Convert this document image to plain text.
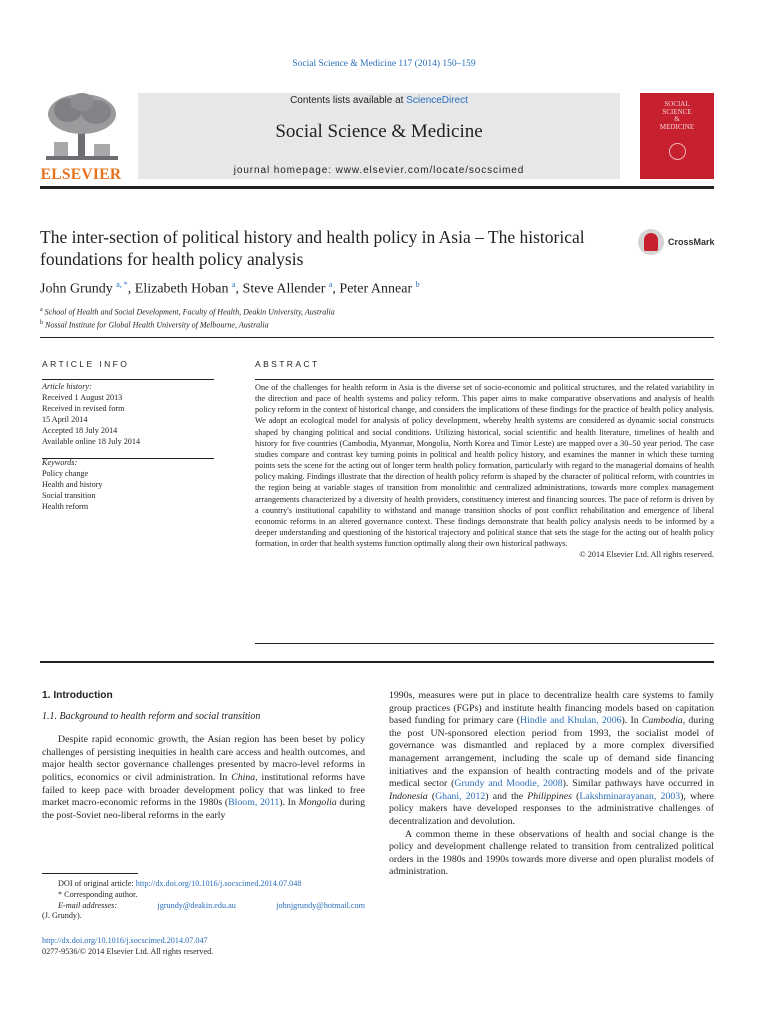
Social Science & Medicine 117 (2014) 150–159
ELSEVIER
Contents lists available at ScienceDirect
Social Science & Medicine
journal homepage: www.elsevier.com/locate/socscimed
SOCIAL
SCIENCE
&
MEDICINE
The inter-section of political history and health policy in Asia – The historical foundations for health policy analysis
CrossMark
John Grundy $^{a, *}$, Elizabeth Hoban $^a$, Steve Allender $^a$, Peter Annear $^b$
$^a$ School of Health and Social Development, Faculty of Health, Deakin University, Australia
$^b$ Nossal Institute for Global Health University of Melbourne, Australia
ARTICLE INFO	ABSTRACT
Article history:
Received 1 August 2013
Received in revised form
15 April 2014
Accepted 18 July 2014
Available online 18 July 2014
Keywords:
Policy change
Health and history
Social transition
Health reform
One of the challenges for health reform in Asia is the diverse set of socio-economic and political structures, and the related variability in the direction and pace of health systems and policy reform. This paper aims to make comparative observations and analysis of health policy reform in the context of historical change, and considers the implications of these findings for the practice of health policy analysis. We adopt an ecological model for analysis of policy development, whereby health systems are considered as dynamic social constructs shaped by changing political and social conditions. Utilizing historical, social scientific and health literature, timelines of health and history for five countries (Cambodia, Myanmar, Mongolia, North Korea and Timor Leste) are mapped over a 30–50 year period. The case studies compare and contrast key turning points in political and health policy history, and examines the manner in which these turning points sets the scene for the acting out of longer term health policy formation, particularly with regard to the managerial domains of health policy making. Findings illustrate that the direction of health policy reform is shaped by the character of political reform, with countries in the region being at variable stages of transition from monolithic and centralized administrations, towards more complex management arrangements characterized by a diversity of health providers, constituency interest and financing sources. The pace of reform is driven by a country's institutional capability to withstand and manage transition shocks of post conflict rehabilitation and emergence of liberal economic reforms in an altered governance context. These findings demonstrate that health policy analysis needs to be informed by a deeper understanding and questioning of the historical trajectory and political stance that sets the stage for the acting out of health policy formation, in order that health systems function optimally along their own historical pathways.
© 2014 Elsevier Ltd. All rights reserved.
1. Introduction
1.1. Background to health reform and social transition

Despite rapid economic growth, the Asian region has been beset by policy challenges of persisting inequities in health care access and health outcomes, and major health sector governance challenges presented by macro-level reforms in politics, economics or civil administration. In China, institutional reforms have failed to keep pace with broader development policy that was linked to free market macro-economic reforms in the 1980s (Bloom, 2011). In Mongolia during the post-Soviet neo-liberal reforms in the early

DOI of original article: http://dx.doi.org/10.1016/j.socscimed.2014.07.048
* Corresponding author.
E-mail addresses:	jgrundy@deakin.edu.au	johnjgrundy@hotmail.com
(J. Grundy).
http://dx.doi.org/10.1016/j.socscimed.2014.07.047
0277-9536/© 2014 Elsevier Ltd. All rights reserved.

1990s, measures were put in place to decentralize health care systems to family group practices (FGPs) and institute health financing models based on capitation based funding for primary care (Hindle and Khulan, 2006). In Cambodia, during the post UN-sponsored election period from 1993, the socialist model of governance was dismantled and replaced by a more complex diversified management arrangement, including the scale up of demand side financing initiatives and the expansion of health contracting models and of the private medical sector (Grundy and Moodie, 2008). Similar pathways have occurred in Indonesia (Ghani, 2012) and the Philippines (Lakshminarayanan, 2003), where policy makers have developed responses to the administrative challenges of decentralization and devolution.

A common theme in these observations of health and social change is the policy and development challenge related to transition from centralized political orders in the 1980s and 1990s towards more diverse and open pluralist models of administration.
